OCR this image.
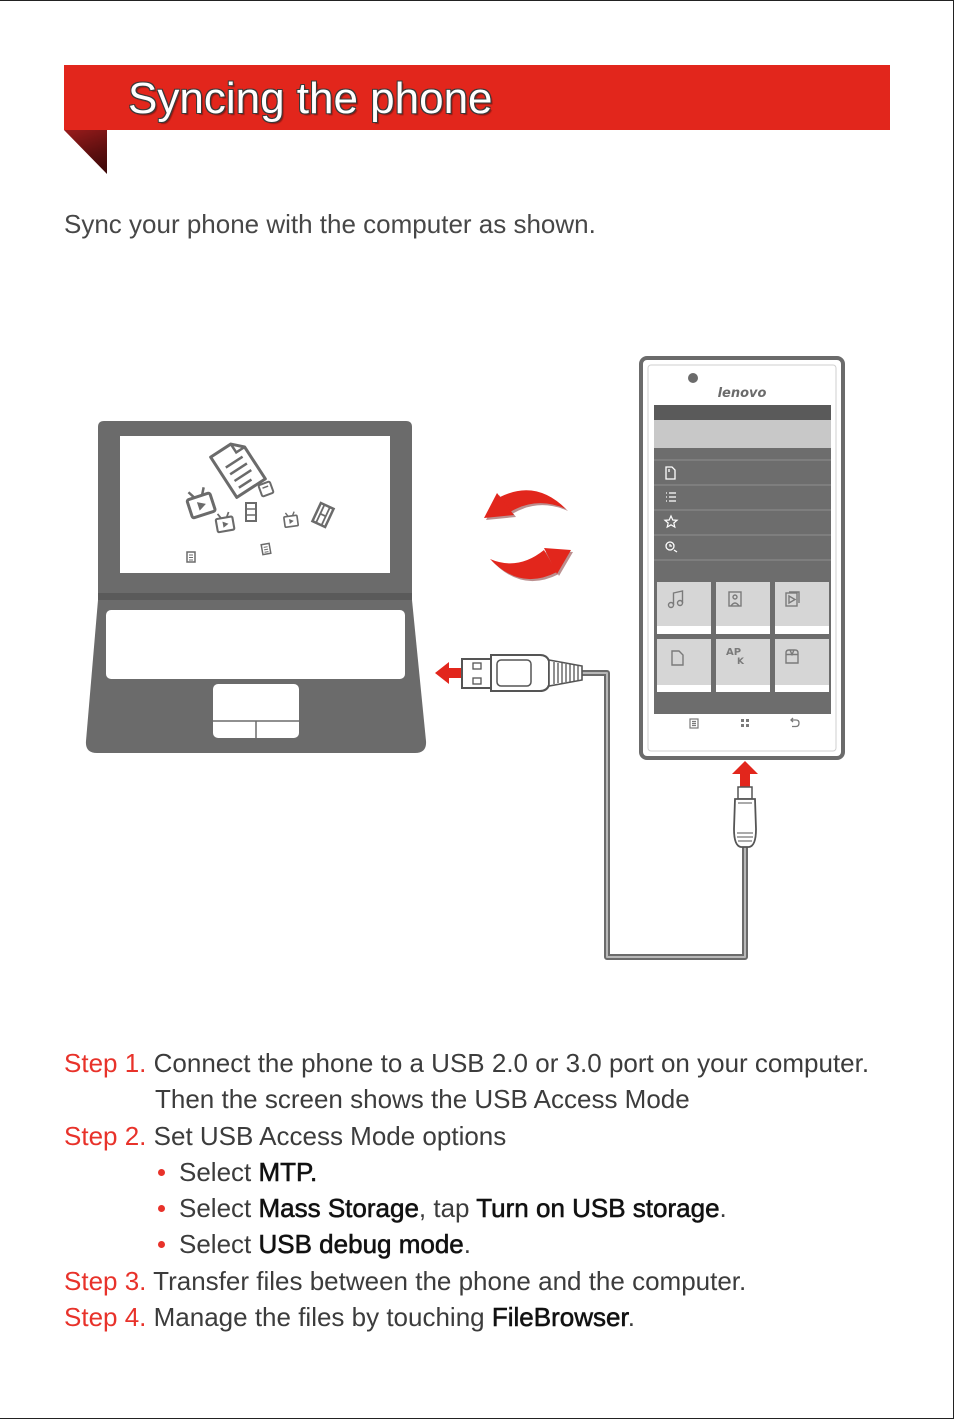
Syncing the phone

Sync your phone with the computer as shown.

lenovo
AP
K
Step 1. Connect the phone to a USB 2.0 or 3.0 port on your computer.
Then the screen shows the USB Access Mode
Step 2. Set USB Access Mode options
Select MTP.
Select Mass Storage, tap Turn on USB storage.
Select USB debug mode.
Step 3. Transfer files between the phone and the computer.
Step 4. Manage the files by touching FileBrowser.
